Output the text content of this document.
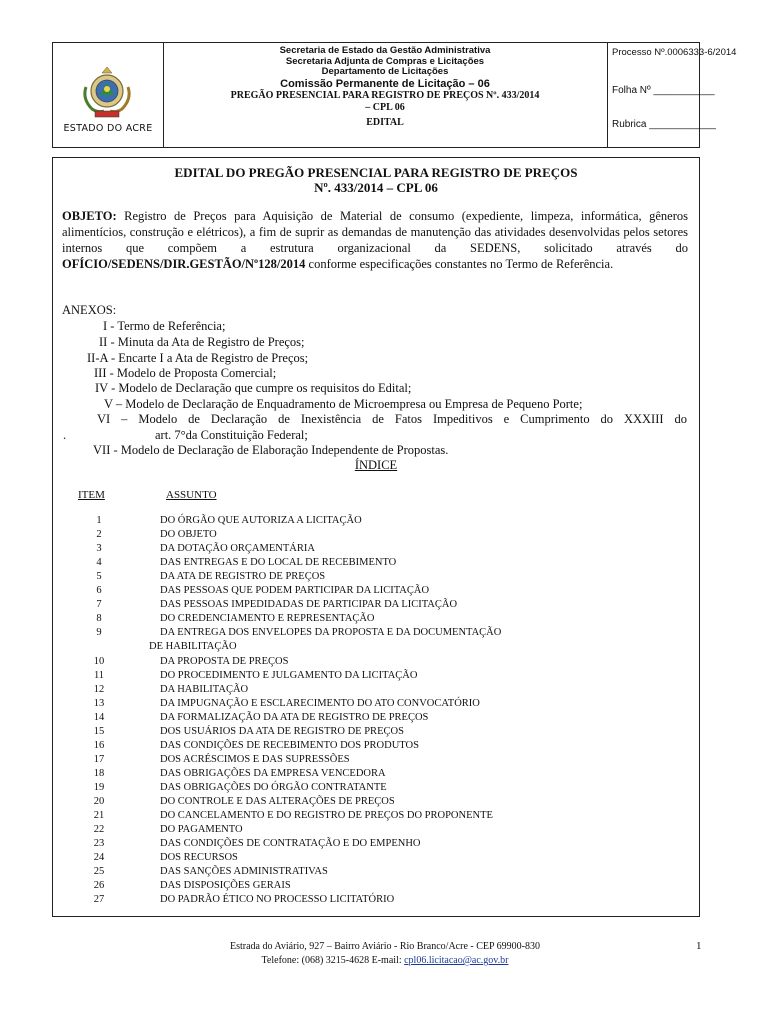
ESTADO DO ACRE
Secretaria de Estado da Gestão Administrativa
Secretaria Adjunta de Compras e Licitações
Departamento de Licitações
Comissão Permanente de Licitação – 06
PREGÃO PRESENCIAL PARA REGISTRO DE PREÇOS Nº. 433/2014
– CPL 06
EDITAL
Processo Nº.0006333-6/2014
Folha Nº ___________
Rubrica ____________
EDITAL DO PREGÃO PRESENCIAL PARA REGISTRO DE PREÇOS
Nº. 433/2014 – CPL 06
OBJETO: Registro de Preços para Aquisição de Material de consumo (expediente, limpeza, informática, gêneros alimentícios, construção e elétricos), a fim de suprir as demandas de manutenção das atividades desenvolvidas pelos setores internos que compõem a estrutura organizacional da SEDENS, solicitado através do OFÍCIO/SEDENS/DIR.GESTÃO/Nº128/2014 conforme especificações constantes no Termo de Referência.
ANEXOS:
I - Termo de Referência;
II - Minuta da Ata de Registro de Preços;
II-A - Encarte I a Ata de Registro de Preços;
III - Modelo de Proposta Comercial;
IV - Modelo de Declaração que cumpre os requisitos do Edital;
V – Modelo de Declaração de Enquadramento de Microempresa ou Empresa de Pequeno Porte;
VI – Modelo de Declaração de Inexistência de Fatos Impeditivos e Cumprimento do XXXIII do
.	art. 7°da Constituição Federal;
VII - Modelo de Declaração de Elaboração Independente de Propostas.
ÍNDICE
ITEM	ASSUNTO
1	DO ÓRGÃO QUE AUTORIZA A LICITAÇÃO
2	DO OBJETO
3	DA DOTAÇÃO ORÇAMENTÁRIA
4	DAS ENTREGAS E DO LOCAL DE RECEBIMENTO
5	DA ATA DE REGISTRO DE PREÇOS
6	DAS PESSOAS QUE PODEM PARTICIPAR DA LICITAÇÃO
7	DAS PESSOAS IMPEDIDADAS DE PARTICIPAR DA LICITAÇÃO
8	DO CREDENCIAMENTO E REPRESENTAÇÃO
9	DA ENTREGA DOS ENVELOPES DA PROPOSTA E DA DOCUMENTAÇÃO
DE HABILITAÇÃO
10	DA PROPOSTA DE PREÇOS
11	DO PROCEDIMENTO E JULGAMENTO DA LICITAÇÃO
12	DA HABILITAÇÃO
13	DA IMPUGNAÇÃO E ESCLARECIMENTO DO ATO CONVOCATÓRIO
14	DA FORMALIZAÇÃO DA ATA DE REGISTRO DE PREÇOS
15	DOS USUÁRIOS DA ATA DE REGISTRO DE PREÇOS
16	DAS CONDIÇÕES DE RECEBIMENTO DOS PRODUTOS
17	DOS ACRÉSCIMOS E DAS SUPRESSÕES
18	DAS OBRIGAÇÕES DA EMPRESA VENCEDORA
19	DAS OBRIGAÇÕES DO ÓRGÃO CONTRATANTE
20	DO CONTROLE E DAS ALTERAÇÕES DE PREÇOS
21	DO CANCELAMENTO E DO REGISTRO DE PREÇOS DO PROPONENTE
22	DO PAGAMENTO
23	DAS CONDIÇÕES DE CONTRATAÇÃO E DO EMPENHO
24	DOS RECURSOS
25	DAS SANÇÕES ADMINISTRATIVAS
26	DAS DISPOSIÇÕES GERAIS
27	DO PADRÃO ÉTICO NO PROCESSO LICITATÓRIO
Estrada do Aviário, 927 – Bairro Aviário - Rio Branco/Acre - CEP 69900-830
Telefone: (068) 3215-4628 E-mail: cpl06.licitacao@ac.gov.br
1
